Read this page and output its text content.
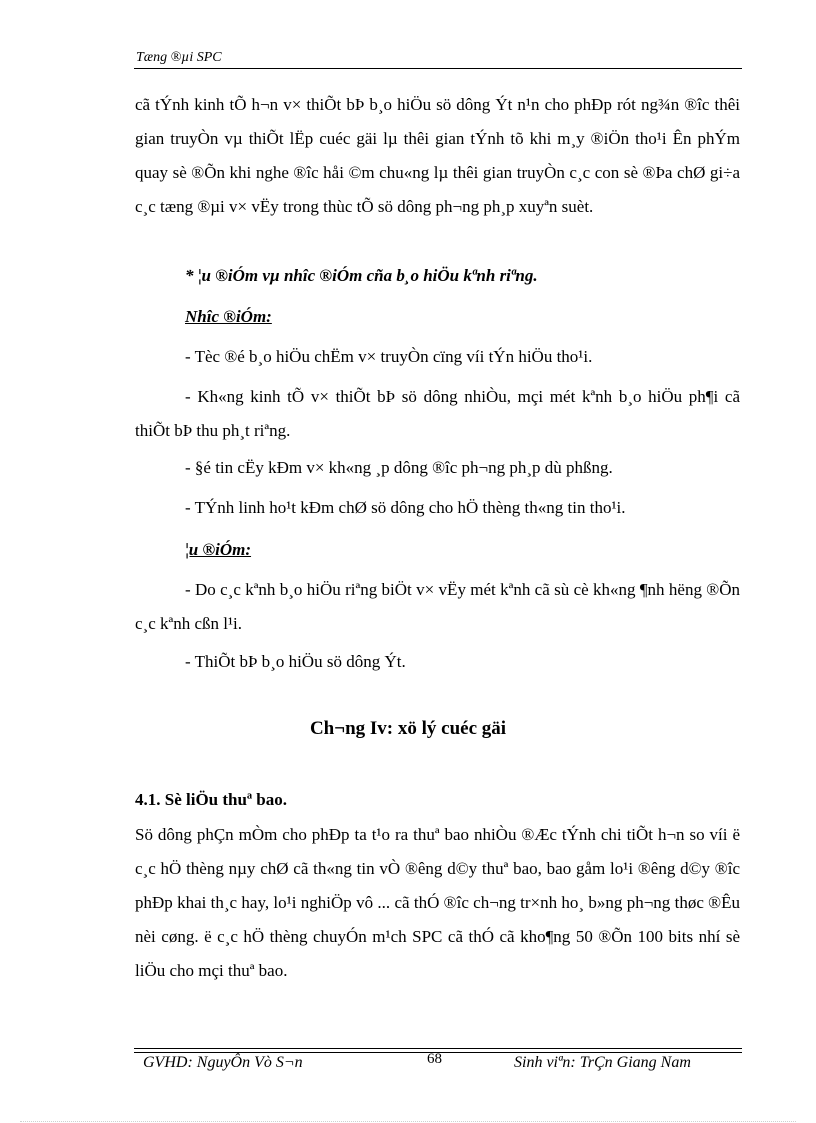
Tæng ®µi SPC

cã tÝnh kinh tÕ h¬n v× thiÕt bÞ b¸o hiÖu sö dông Ýt n¹n cho phÐp rót ng¾n ®îc thêi gian truyÒn vµ thiÕt lËp cuéc gäi lµ thêi gian tÝnh tõ khi m¸y ®iÖn tho¹i Ên phÝm quay sè ®Õn khi nghe ®îc håi ©m chu«ng lµ thêi gian truyÒn c¸c con sè ®Þa chØ gi÷a c¸c tæng ®µi v× vËy trong thùc tÕ sö dông ph¬ng ph¸p xuyªn suèt.

* ¦u ®iÓm vµ nhîc ®iÓm cña b¸o hiÖu kªnh riªng.

Nhîc ®iÓm:

- Tèc ®é b¸o hiÖu chËm v× truyÒn cïng víi tÝn hiÖu tho¹i.

- Kh«ng kinh tÕ v× thiÕt bÞ sö dông nhiÒu, mçi mét kªnh b¸o hiÖu ph¶i cã thiÕt bÞ thu ph¸t riªng.

- §é tin cËy kÐm v× kh«ng ¸p dông ®îc ph¬ng ph¸p dù phßng.

- TÝnh linh ho¹t kÐm chØ sö dông cho hÖ thèng th«ng tin tho¹i.

¦u ®iÓm:

- Do c¸c kªnh b¸o hiÖu riªng biÖt v× vËy mét kªnh cã sù cè kh«ng ¶nh hëng ®Õn c¸c kªnh cßn l¹i.

- ThiÕt bÞ b¸o hiÖu sö dông Ýt.

Ch¬ng Iv: xö lý cuéc gäi

4.1. Sè liÖu thuª bao.

Sö dông phÇn mÒm cho phÐp ta t¹o ra thuª bao nhiÒu ®Æc tÝnh chi tiÕt h¬n so víi ë c¸c hÖ thèng nµy chØ cã th«ng tin vÒ ®êng d©y thuª bao, bao gåm lo¹i ®êng d©y ®îc phÐp khai th¸c hay, lo¹i nghiÖp vô ... cã thÓ ®îc ch¬ng tr×nh ho¸ b»ng ph¬ng thøc ®Êu nèi cøng. ë c¸c hÖ thèng chuyÓn m¹ch SPC cã thÓ cã kho¶ng 50 ®Õn 100 bits nhí sè liÖu cho mçi thuª bao.

GVHD: NguyÔn Vò S¬n	68	Sinh viªn: TrÇn Giang Nam
